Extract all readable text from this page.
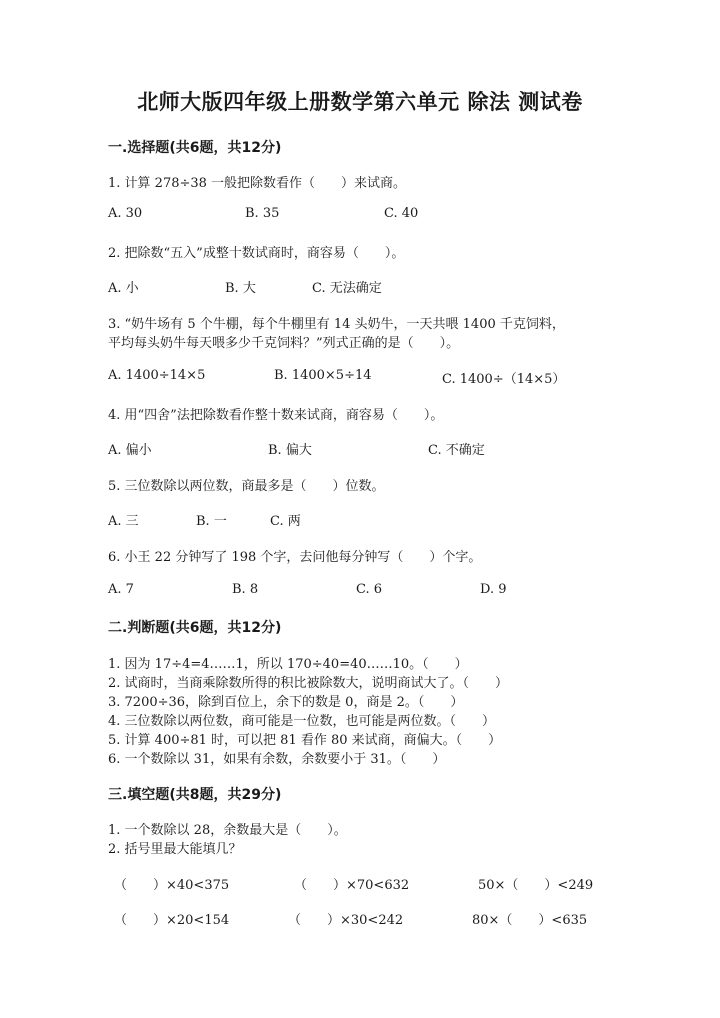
北师大版四年级上册数学第六单元 除法 测试卷
一.选择题(共6题，共12分)
1. 计算 278÷38 一般把除数看作（　　）来试商。
A. 30	B. 35	C. 40
2. 把除数“五入”成整十数试商时，商容易（　　）。
A. 小	B. 大	C. 无法确定
3. “奶牛场有 5 个牛棚，每个牛棚里有 14 头奶牛，一天共喂 1400 千克饲料，
平均每头奶牛每天喂多少千克饲料？”列式正确的是（　　）。
A. 1400÷14×5	B. 1400×5÷14	C. 1400÷（14×5）
4. 用“四舍”法把除数看作整十数来试商，商容易（　　）。
A. 偏小	B. 偏大	C. 不确定
5. 三位数除以两位数，商最多是（　　）位数。
A. 三	B. 一	C. 两
6. 小王 22 分钟写了 198 个字，去问他每分钟写（　　）个字。
A. 7	B. 8	C. 6	D. 9
二.判断题(共6题，共12分)
1. 因为 17÷4=4……1，所以 170÷40=40……10。（　　）
2. 试商时，当商乘除数所得的积比被除数大，说明商试大了。（　　）
3. 7200÷36，除到百位上，余下的数是 0，商是 2。（　　）
4. 三位数除以两位数，商可能是一位数，也可能是两位数。（　　）
5. 计算 400÷81 时，可以把 81 看作 80 来试商，商偏大。（　　）
6. 一个数除以 31，如果有余数，余数要小于 31。（　　）
三.填空题(共8题，共29分)
1. 一个数除以 28，余数最大是（　　）。
2. 括号里最大能填几？
（　　）×40<375	（　　）×70<632	50×（　　）<249
（　　）×20<154	（　　）×30<242	80×（　　）<635
